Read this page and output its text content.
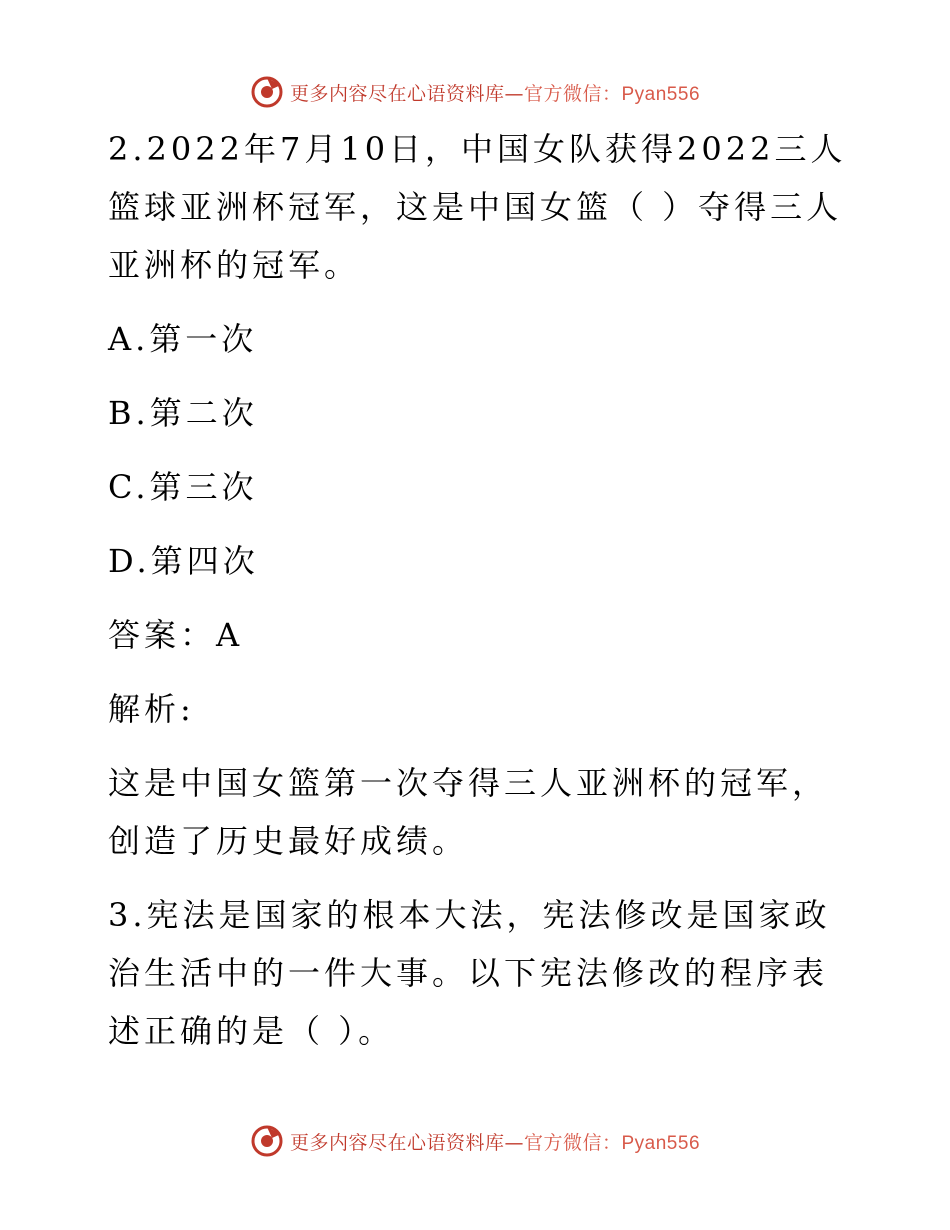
更多内容尽在心语资料库—官方微信：Pyan556

2.2022年7月10日，中国女队获得2022三人篮球亚洲杯冠军，这是中国女篮（ ）夺得三人亚洲杯的冠军。

A.第一次

B.第二次

C.第三次

D.第四次

答案：A

解析:

这是中国女篮第一次夺得三人亚洲杯的冠军，创造了历史最好成绩。

3.宪法是国家的根本大法，宪法修改是国家政治生活中的一件大事。以下宪法修改的程序表述正确的是（ ）。

更多内容尽在心语资料库—官方微信：Pyan556
